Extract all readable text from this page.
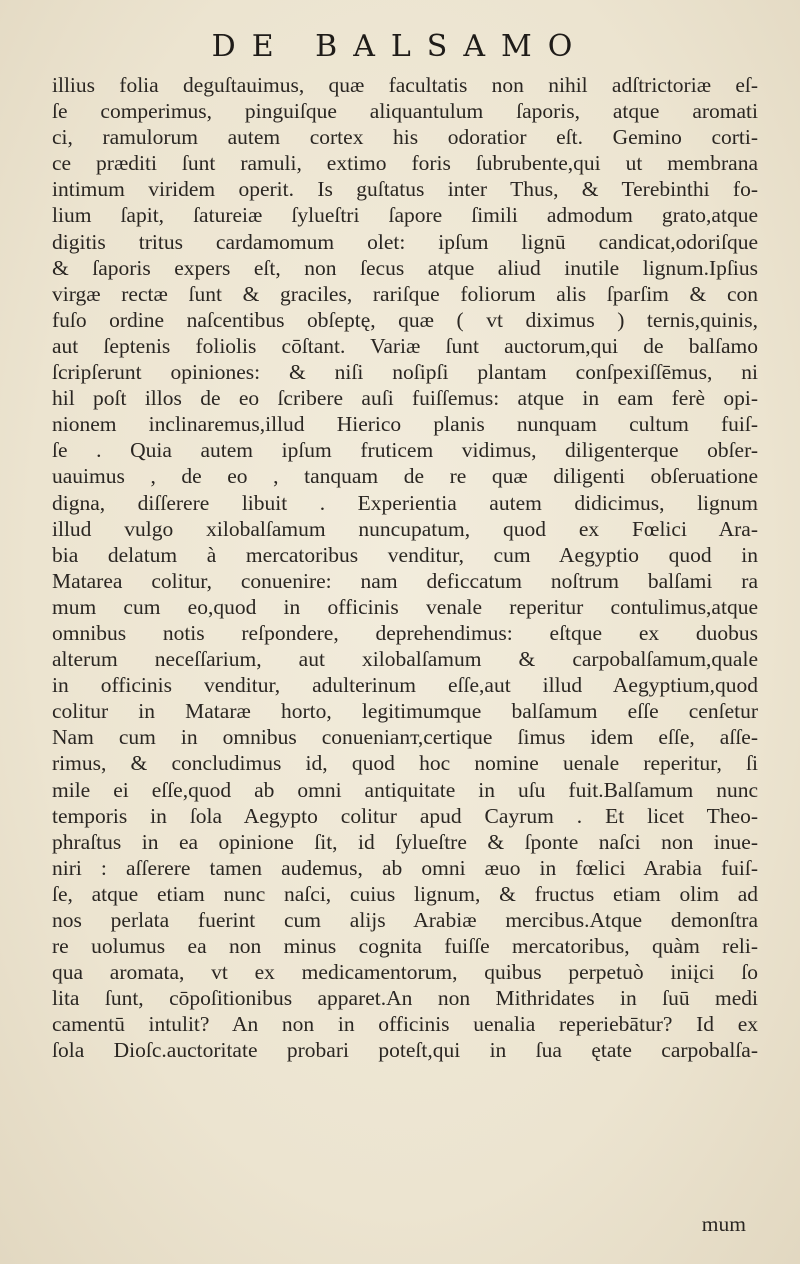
DE BALSAMO
illius folia deguſtauimus, quæ facultatis non nihil adſtrictoriæ eſ-
ſe comperimus, pinguiſque aliquantulum ſaporis, atque aromati
ci, ramulorum autem cortex his odoratior eſt. Gemino corti-
ce præditi ſunt ramuli, extimo foris ſubrubente,qui ut membrana
intimum viridem operit. Is guſtatus inter Thus, & Terebinthi fo-
lium ſapit, ſatureiæ ſylueſtri ſapore ſimili admodum grato,atque
digitis tritus cardamomum olet: ipſum lignū candicat,odoriſque
& ſaporis expers eſt, non ſecus atque aliud inutile lignum.Ipſius
virgæ rectæ ſunt & graciles, rariſque foliorum alis ſparſim & con
fuſo ordine naſcentibus obſeptę, quæ ( vt diximus ) ternis,quinis,
aut ſeptenis foliolis cōſtant. Variæ ſunt auctorum,qui de balſamo
ſcripſerunt opiniones: & niſi noſipſi plantam conſpexiſſēmus, ni
hil poſt illos de eo ſcribere auſi fuiſſemus: atque in eam ferè opi-
nionem inclinaremus,illud Hierico planis nunquam cultum fuiſ-
ſe . Quia autem ipſum fruticem vidimus, diligenterque obſer-
uauimus , de eo , tanquam de re quæ diligenti obſeruatione
digna, diſſerere libuit . Experientia autem didicimus, lignum
illud vulgo xilobalſamum nuncupatum, quod ex Fœlici Ara-
bia delatum à mercatoribus venditur, cum Aegyptio quod in
Matarea colitur, conuenire: nam deficcatum noſtrum balſami ra
mum cum eo,quod in officinis venale reperitur contulimus,atque
omnibus notis reſpondere, deprehendimus: eſtque ex duobus
alterum neceſſarium, aut xilobalſamum & carpobalſamum,quale
in officinis venditur, adulterinum eſſe,aut illud Aegyptium,quod
colitur in Mataræ horto, legitimumque balſamum eſſe cenſetur
Nam cum in omnibus conuenianт,certique ſimus idem eſſe, aſſe-
rimus, & concludimus id, quod hoc nomine uenale reperitur, ſi
mile ei eſſe,quod ab omni antiquitate in uſu fuit.Balſamum nunc
temporis in ſola Aegypto colitur apud Cayrum . Et licet Theo-
phraſtus in ea opinione ſit, id ſylueſtre & ſponte naſci non inue-
niri : aſſerere tamen audemus, ab omni æuo in fœlici Arabia fuiſ-
ſe, atque etiam nunc naſci, cuius lignum, & fructus etiam olim ad
nos perlata fuerint cum alijs Arabiæ mercibus.Atque demonſtra
re uolumus ea non minus cognita fuiſſe mercatoribus, quàm reli-
qua aromata, vt ex medicamentorum, quibus perpetuò iniįci ſo
lita ſunt, cōpoſitionibus apparet.An non Mithridates in ſuū medi
camentū intulit? An non in officinis uenalia reperiebātur? Id ex
ſola Dioſc.auctoritate probari poteſt,qui in ſua ętate carpobalſa-
mum
